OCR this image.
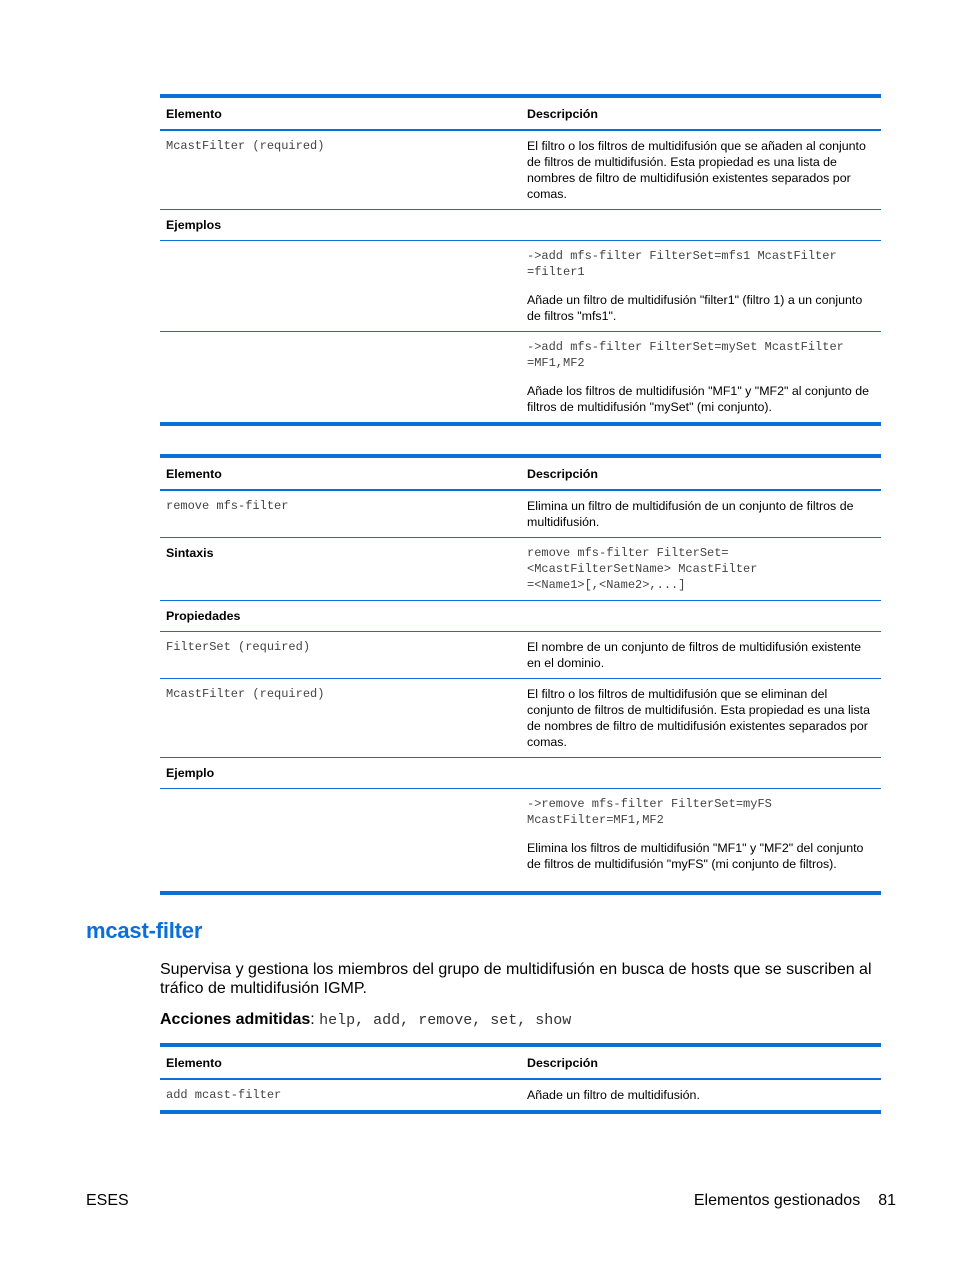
Elemento	Descripción

McastFilter (required)	El filtro o los filtros de multidifusión que se añaden al conjunto de filtros de multidifusión. Esta propiedad es una lista de nombres de filtro de multidifusión existentes separados por comas.
Ejemplos	

	->add mfs-filter FilterSet=mfs1 McastFilter
=filter1

Añade un filtro de multidifusión "filter1" (filtro 1) a un conjunto de filtros "mfs1".

	->add mfs-filter FilterSet=mySet McastFilter
=MF1,MF2

Añade los filtros de multidifusión "MF1" y "MF2" al conjunto de filtros de multidifusión "mySet" (mi conjunto).

Elemento	Descripción

remove mfs-filter	Elimina un filtro de multidifusión de un conjunto de filtros de multidifusión.
Sintaxis	remove mfs-filter FilterSet=
<McastFilterSetName> McastFilter
=<Name1>[,<Name2>,...]

Propiedades	

FilterSet (required)	El nombre de un conjunto de filtros de multidifusión existente en el dominio.

McastFilter (required)	El filtro o los filtros de multidifusión que se eliminan del conjunto de filtros de multidifusión. Esta propiedad es una lista de nombres de filtro de multidifusión existentes separados por comas.
Ejemplo	

	->remove mfs-filter FilterSet=myFS
McastFilter=MF1,MF2

Elimina los filtros de multidifusión "MF1" y "MF2" del conjunto de filtros de multidifusión "myFS" (mi conjunto de filtros).

mcast-filter

Supervisa y gestiona los miembros del grupo de multidifusión en busca de hosts que se suscriben al tráfico de multidifusión IGMP.

Acciones admitidas: help, add, remove, set, show

Elemento	Descripción

add mcast-filter	Añade un filtro de multidifusión.
ESES	Elementos gestionados 81
